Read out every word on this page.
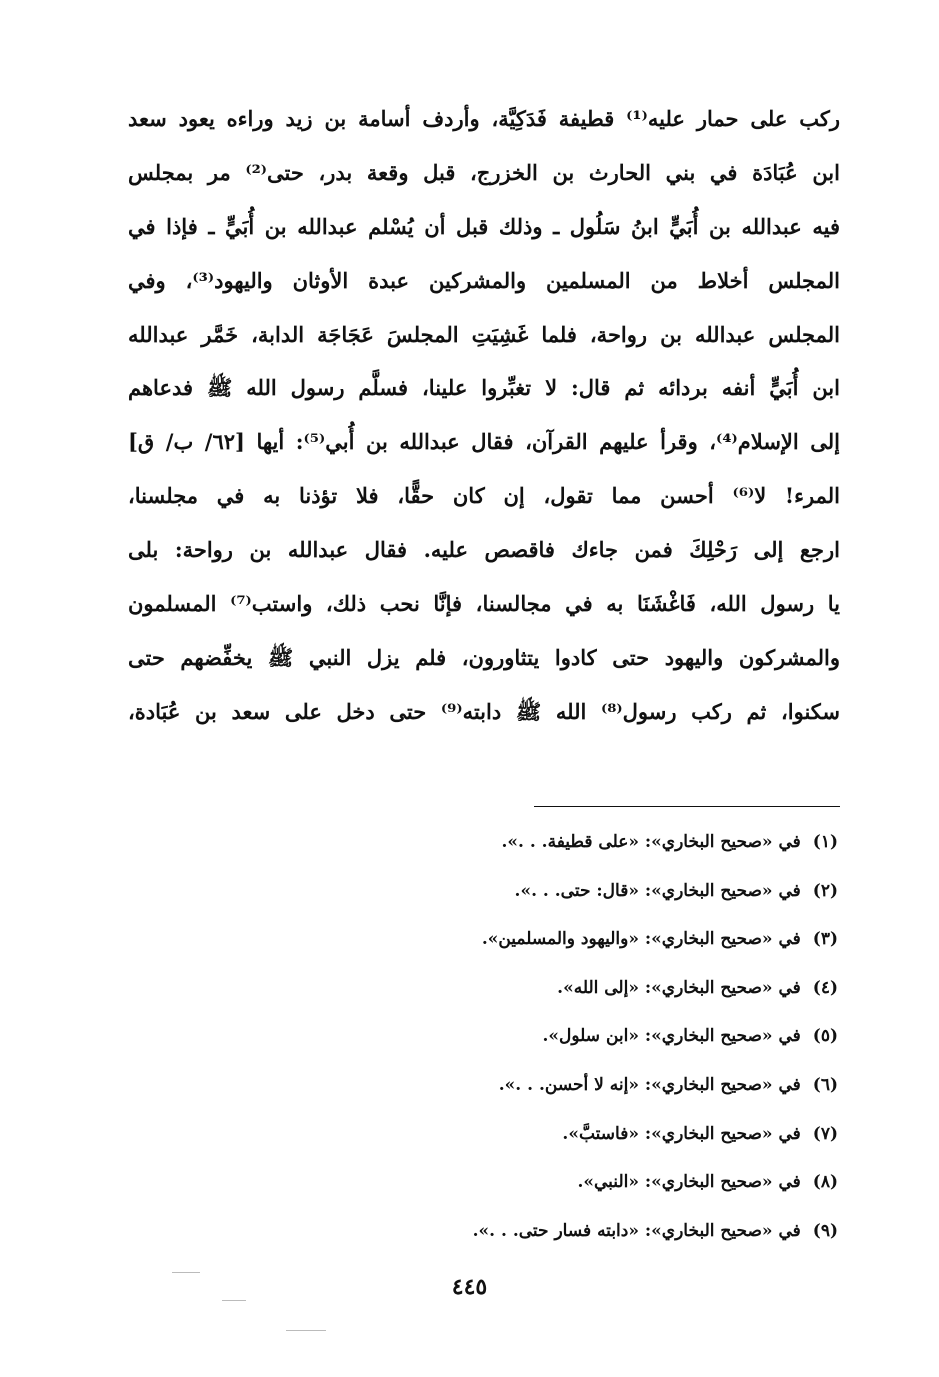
ركب على حمار عليه⁽¹⁾ قطيفة فَدَكِيَّة، وأردف أسامة بن زيد وراءه يعود سعد
ابن عُبَادَة في بني الحارث بن الخزرج، قبل وقعة بدر، حتى⁽²⁾ مر بمجلس
فيه عبدالله بن أُبَيٍّ ابنُ سَلُول ـ وذلك قبل أن يُسْلم عبدالله بن أُبَيٍّ ـ فإذا في
المجلس أخلاط من المسلمين والمشركين عبدة الأوثان واليهود⁽³⁾، وفي
المجلس عبدالله بن رواحة، فلما غَشِيَتِ المجلسَ عَجَاجَة الدابة، خَمَّر عبدالله
ابن أُبَيٍّ أنفه بردائه ثم قال: لا تغبِّروا علينا، فسلَّم رسول الله ﷺ فدعاهم
إلى الإسلام⁽⁴⁾، وقرأ عليهم القرآن، فقال عبدالله بن أُبي⁽⁵⁾: أيها [٦٢/ ب/ ق]
المرء! لا⁽⁶⁾ أحسن مما تقول، إن كان حقًّا، فلا تؤذنا به في مجلسنا،
ارجع إلى رَحْلِكَ فمن جاءك فاقصص عليه. فقال عبدالله بن رواحة: بلى
يا رسول الله، فَاغْشَنَا به في مجالسنا، فإنَّا نحب ذلك، واستب⁽⁷⁾ المسلمون
والمشركون واليهود حتى كادوا يتثاورون، فلم يزل النبي ﷺ يخفِّضهم حتى
سكنوا، ثم ركب رسول⁽⁸⁾ الله ﷺ دابته⁽⁹⁾ حتى دخل على سعد بن عُبَادة،
(١)في «صحيح البخاري»: «على قطيفة. . .».
(٢)في «صحيح البخاري»: «قال: حتى. . .».
(٣)في «صحيح البخاري»: «واليهود والمسلمين».
(٤)في «صحيح البخاري»: «إلى الله».
(٥)في «صحيح البخاري»: «ابن سلول».
(٦)في «صحيح البخاري»: «إنه لا أحسن. . .».
(٧)في «صحيح البخاري»: «فاستبَّ».
(٨)في «صحيح البخاري»: «النبي».
(٩)في «صحيح البخاري»: «دابته فسار حتى. . .».
٤٤٥
